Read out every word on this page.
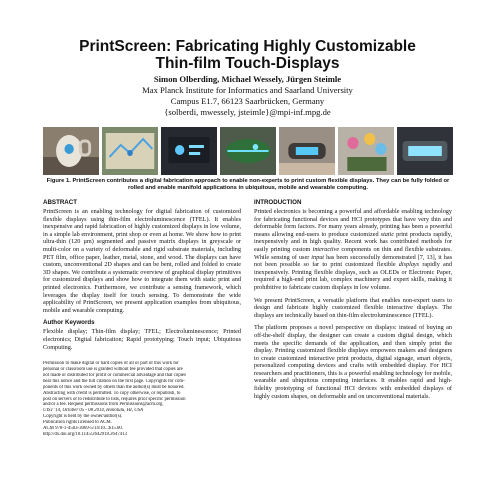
PrintScreen: Fabricating Highly Customizable
Thin-film Touch-Displays
Simon Olberding, Michael Wessely, Jürgen Steimle
Max Planck Institute for Informatics and Saarland University
Campus E1.7, 66123 Saarbrücken, Germany
{solberdi, mwessely, jsteimle}@mpi-inf.mpg.de
Figure 1. PrintScreen contributes a digital fabrication approach to enable non-experts to print custom flexible displays. They can be fully folded or rolled and enable manifold applications in ubiquitous, mobile and wearable computing.
ABSTRACT

PrintScreen is an enabling technology for digital fabrication of customized flexible displays using thin-film electroluminescence (TFEL). It enables inexpensive and rapid fabrication of highly customized displays in low volume, in a simple lab environment, print shop or even at home. We show how to print ultra-thin (120 µm) segmented and passive matrix displays in greyscale or multi-color on a variety of deformable and rigid substrate materials, including PET film, office paper, leather, metal, stone, and wood. The displays can have custom, unconventional 2D shapes and can be bent, rolled and folded to create 3D shapes. We contribute a systematic overview of graphical display primitives for customized displays and show how to integrate them with static print and printed electronics. Furthermore, we contribute a sensing framework, which leverages the display itself for touch sensing. To demonstrate the wide applicability of PrintScreen, we present application examples from ubiquitous, mobile and wearable computing.

Author Keywords

Flexible display; Thin-film display; TFEL; Electroluminescence; Printed electronics; Digital fabrication; Rapid prototyping; Touch input; Ubiquitous Computing.

Permission to make digital or hard copies of all or part of this work for
personal or classroom use is granted without fee provided that copies are
not made or distributed for profit or commercial advantage and that copies
bear this notice and the full citation on the first page. Copyrights for com-
ponents of this work owned by others than the author(s) must be honored.
Abstracting with credit is permitted. To copy otherwise, or republish, to
post on servers or to redistribute to lists, requires prior specific permission
and/or a fee. Request permissions from Permissions@acm.org.
UIST '14, October 05 - 08 2014, Honolulu, HI, USA
Copyright is held by the owner/author(s).
Publication rights licensed to ACM.
ACM 978-1-4503-3069-5/14/10...$15.00.
http://dx.doi.org/10.1145/2642918.2647413
INTRODUCTION

Printed electronics is becoming a powerful and affordable enabling technology for fabricating functional devices and HCI prototypes that have very thin and deformable form factors. For many years already, printing has been a powerful means allowing end-users to produce customized static print products rapidly, inexpensively and in high quality. Recent work has contributed methods for easily printing custom interactive components on thin and flexible substrates. While sensing of user input has been successfully demonstrated [7, 13], it has not been possible so far to print customized flexible displays rapidly and inexpensively. Printing flexible displays, such as OLEDs or Electronic Paper, required a high-end print lab, complex machinery and expert skills, making it prohibitive to fabricate custom displays in low volume.

We present PrintScreen, a versatile platform that enables non-expert users to design and fabricate highly customized flexible interactive displays. The displays are technically based on thin-film electroluminescence (TFEL).

The platform proposes a novel perspective on displays: instead of buying an off-the-shelf display, the designer can create a custom digital design, which meets the specific demands of the application, and then simply print the display. Printing customized flexible displays empowers makers and designers to create customized interactive print products, digital signage, smart objects, personalized computing devices and crafts with embedded display. For HCI researchers and practitioners, this is a powerful enabling technology for mobile, wearable and ubiquitous computing interfaces. It enables rapid and high-fidelity prototyping of functional HCI devices with embedded displays of highly custom shapes, on deformable and on unconventional materials.
